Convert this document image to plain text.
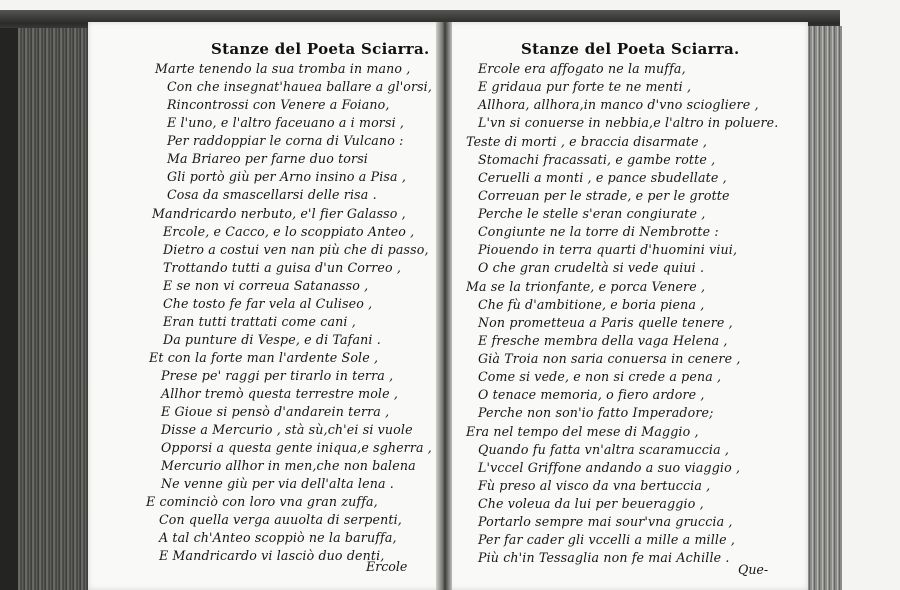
Stanze del Poeta Sciarra.	Stanze del Poeta Sciarra.
Marte tenendo la sua tromba in mano ,
Con che insegnat'hauea ballare a gl'orsi,
Rincontrossi con Venere a Foiano,
E l'uno, e l'altro faceuano a i morsi ,
Per raddoppiar le corna di Vulcano :
Ma Briareo per farne duo torsi
Gli portò giù per Arno insino a Pisa ,
Cosa da smascellarsi delle risa .
Mandricardo nerbuto, e'l fier Galasso ,
Ercole, e Cacco, e lo scoppiato Anteo ,
Dietro a costui ven nan più che di passo,
Trottando tutti a guisa d'un Correo ,
E se non vi correua Satanasso ,
Che tosto fe far vela al Culiseo ,
Eran tutti trattati come cani ,
Da punture di Vespe, e di Tafani .
Et con la forte man l'ardente Sole ,
Prese pe' raggi per tirarlo in terra ,
Allhor tremò questa terrestre mole ,
E Gioue si pensò d'andarein terra ,
Disse a Mercurio , stà sù,ch'ei si vuole
Opporsi a questa gente iniqua,e sgherra ,
Mercurio allhor in men,che non balena
Ne venne giù per via dell'alta lena .
E cominciò con loro vna gran zuffa,
Con quella verga auuolta di serpenti,
A tal ch'Anteo scoppiò ne la baruffa,
E Mandricardo vi lasciò duo denti,
Ercole
Ercole era affogato ne la muffa,
E gridaua pur forte te ne menti ,
Allhora, allhora,in manco d'vno sciogliere ,
L'vn si conuerse in nebbia,e l'altro in poluere.
Teste di morti , e braccia disarmate ,
Stomachi fracassati, e gambe rotte ,
Ceruelli a monti , e pance sbudellate ,
Correuan per le strade, e per le grotte
Perche le stelle s'eran congiurate ,
Congiunte ne la torre di Nembrotte :
Piouendo in terra quarti d'huomini viui,
O che gran crudeltà si vede quiui .
Ma se la trionfante, e porca Venere ,
Che fù d'ambitione, e boria piena ,
Non prometteua a Paris quelle tenere ,
E fresche membra della vaga Helena ,
Già Troia non saria conuersa in cenere ,
Come si vede, e non si crede a pena ,
O tenace memoria, o fiero ardore ,
Perche non son'io fatto Imperadore;
Era nel tempo del mese di Maggio ,
Quando fu fatta vn'altra scaramuccia ,
L'vccel Griffone andando a suo viaggio ,
Fù preso al visco da vna bertuccia ,
Che voleua da lui per beueraggio ,
Portarlo sempre mai sour'vna gruccia ,
Per far cader gli vccelli a mille a mille ,
Più ch'in Tessaglia non fe mai Achille .
Que-
